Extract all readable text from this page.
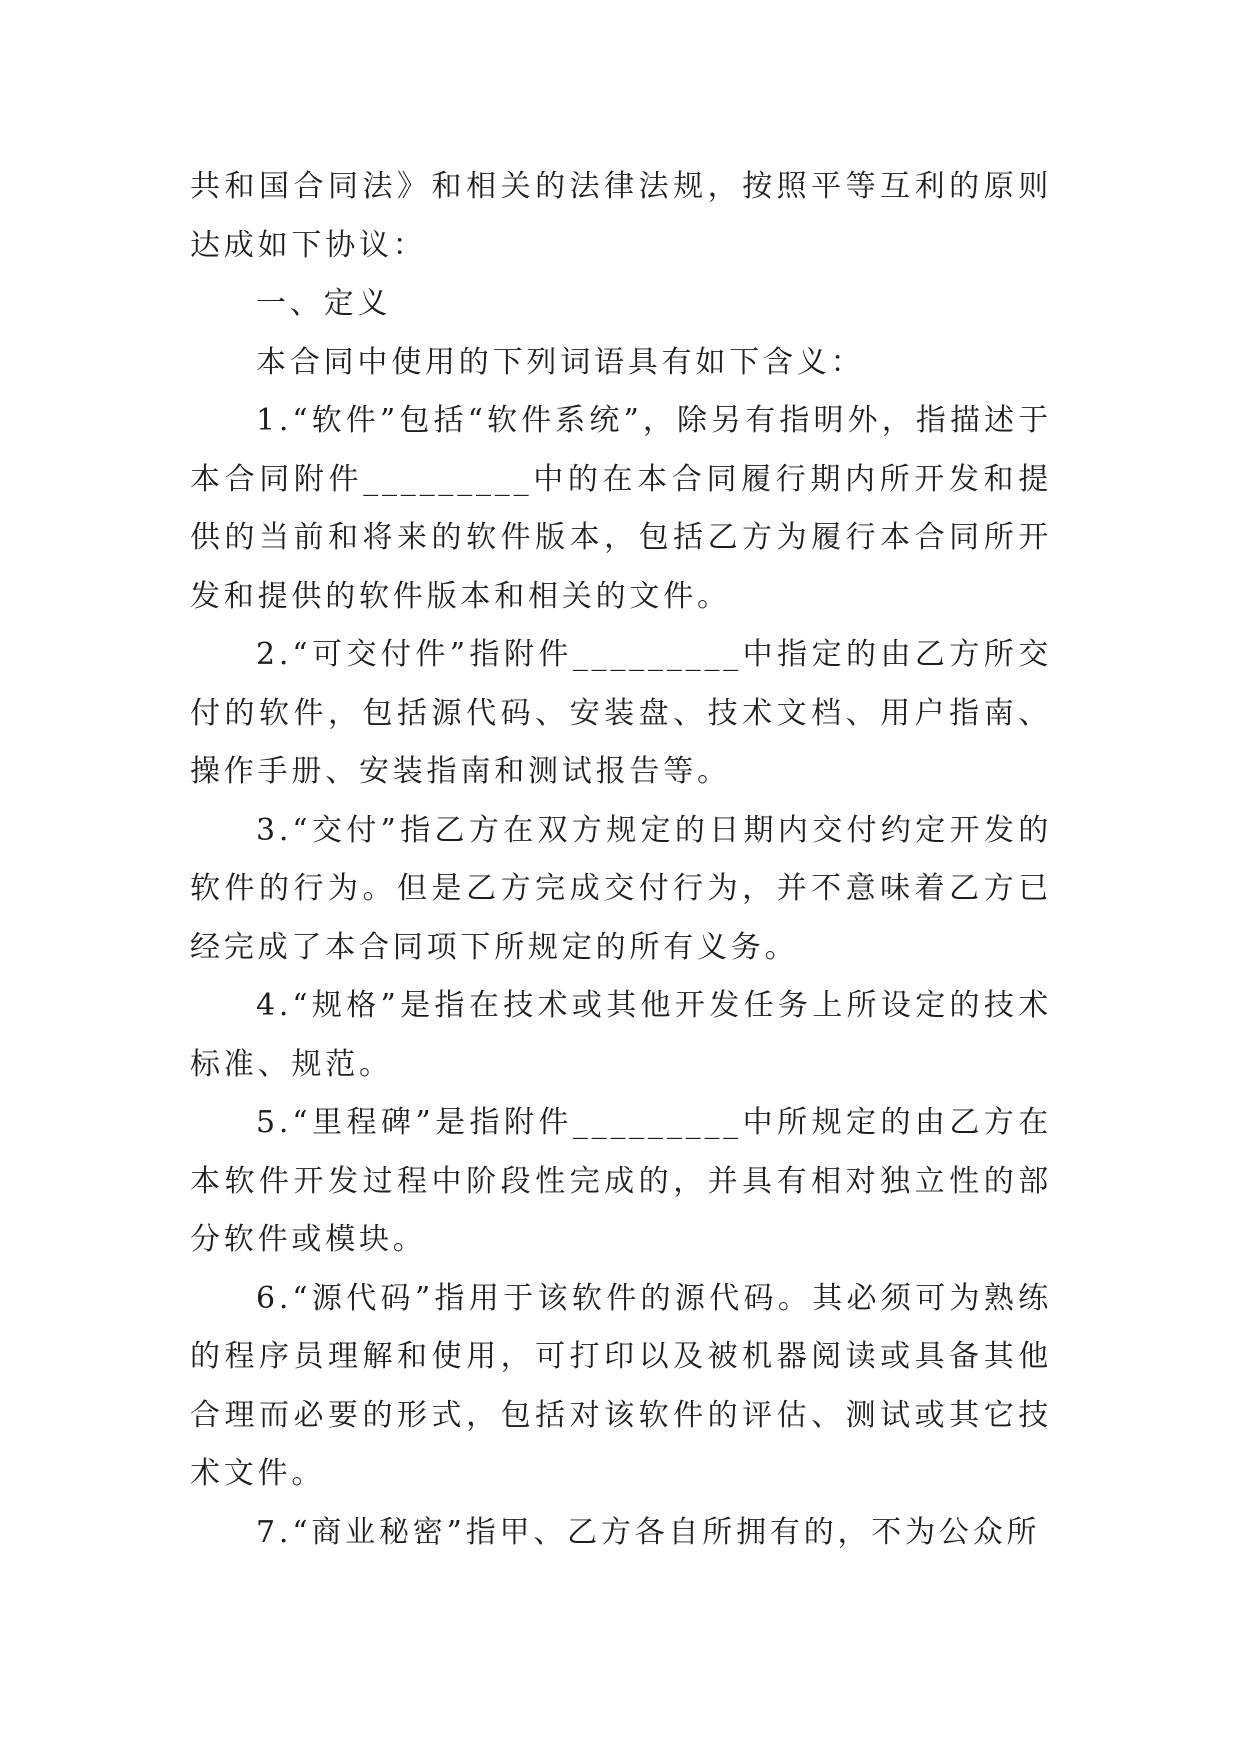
共和国合同法》和相关的法律法规，按照平等互利的原则达成如下协议：

一、定义

本合同中使用的下列词语具有如下含义：

1.“软件”包括“软件系统”，除另有指明外，指描述于本合同附件_________中的在本合同履行期内所开发和提供的当前和将来的软件版本，包括乙方为履行本合同所开发和提供的软件版本和相关的文件。

2.“可交付件”指附件_________中指定的由乙方所交付的软件，包括源代码、安装盘、技术文档、用户指南、操作手册、安装指南和测试报告等。

3.“交付”指乙方在双方规定的日期内交付约定开发的软件的行为。但是乙方完成交付行为，并不意味着乙方已经完成了本合同项下所规定的所有义务。

4.“规格”是指在技术或其他开发任务上所设定的技术标准、规范。

5.“里程碑”是指附件_________中所规定的由乙方在本软件开发过程中阶段性完成的，并具有相对独立性的部分软件或模块。

6.“源代码”指用于该软件的源代码。其必须可为熟练的程序员理解和使用，可打印以及被机器阅读或具备其他合理而必要的形式，包括对该软件的评估、测试或其它技术文件。

7.“商业秘密”指甲、乙方各自所拥有的，不为公众所
